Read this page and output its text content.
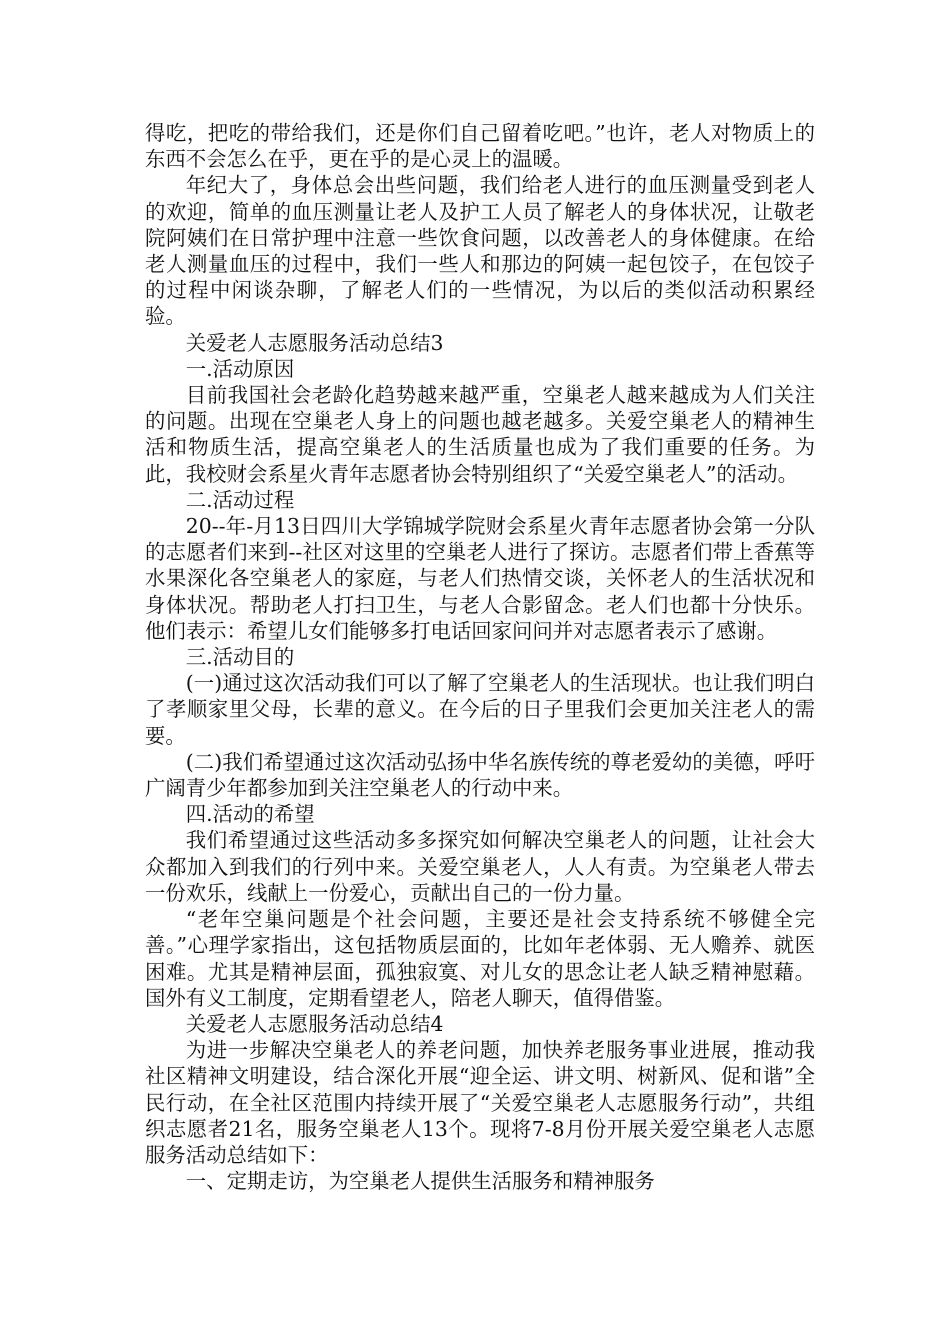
得吃，把吃的带给我们，还是你们自己留着吃吧。”也许，老人对物质上的东西不会怎么在乎，更在乎的是心灵上的温暖。

年纪大了，身体总会出些问题，我们给老人进行的血压测量受到老人的欢迎，简单的血压测量让老人及护工人员了解老人的身体状况，让敬老院阿姨们在日常护理中注意一些饮食问题，以改善老人的身体健康。在给老人测量血压的过程中，我们一些人和那边的阿姨一起包饺子，在包饺子的过程中闲谈杂聊，了解老人们的一些情况，为以后的类似活动积累经验。

关爱老人志愿服务活动总结3

一.活动原因

目前我国社会老龄化趋势越来越严重，空巢老人越来越成为人们关注的问题。出现在空巢老人身上的问题也越老越多。关爱空巢老人的精神生活和物质生活，提高空巢老人的生活质量也成为了我们重要的任务。为此，我校财会系星火青年志愿者协会特别组织了“关爱空巢老人”的活动。

二.活动过程

20--年-月13日四川大学锦城学院财会系星火青年志愿者协会第一分队的志愿者们来到--社区对这里的空巢老人进行了探访。志愿者们带上香蕉等水果深化各空巢老人的家庭，与老人们热情交谈，关怀老人的生活状况和身体状况。帮助老人打扫卫生，与老人合影留念。老人们也都十分快乐。他们表示：希望儿女们能够多打电话回家问问并对志愿者表示了感谢。

三.活动目的

(一)通过这次活动我们可以了解了空巢老人的生活现状。也让我们明白了孝顺家里父母，长辈的意义。在今后的日子里我们会更加关注老人的需要。

(二)我们希望通过这次活动弘扬中华名族传统的尊老爱幼的美德，呼吁广阔青少年都参加到关注空巢老人的行动中来。

四.活动的希望

我们希望通过这些活动多多探究如何解决空巢老人的问题，让社会大众都加入到我们的行列中来。关爱空巢老人，人人有责。为空巢老人带去一份欢乐，线献上一份爱心，贡献出自己的一份力量。

“老年空巢问题是个社会问题，主要还是社会支持系统不够健全完善。”心理学家指出，这包括物质层面的，比如年老体弱、无人赡养、就医困难。尤其是精神层面，孤独寂寞、对儿女的思念让老人缺乏精神慰藉。国外有义工制度，定期看望老人，陪老人聊天，值得借鉴。

关爱老人志愿服务活动总结4

为进一步解决空巢老人的养老问题，加快养老服务事业进展，推动我社区精神文明建设，结合深化开展“迎全运、讲文明、树新风、促和谐”全民行动，在全社区范围内持续开展了“关爱空巢老人志愿服务行动”，共组织志愿者21名，服务空巢老人13个。现将7-8月份开展关爱空巢老人志愿服务活动总结如下：

一、定期走访，为空巢老人提供生活服务和精神服务
